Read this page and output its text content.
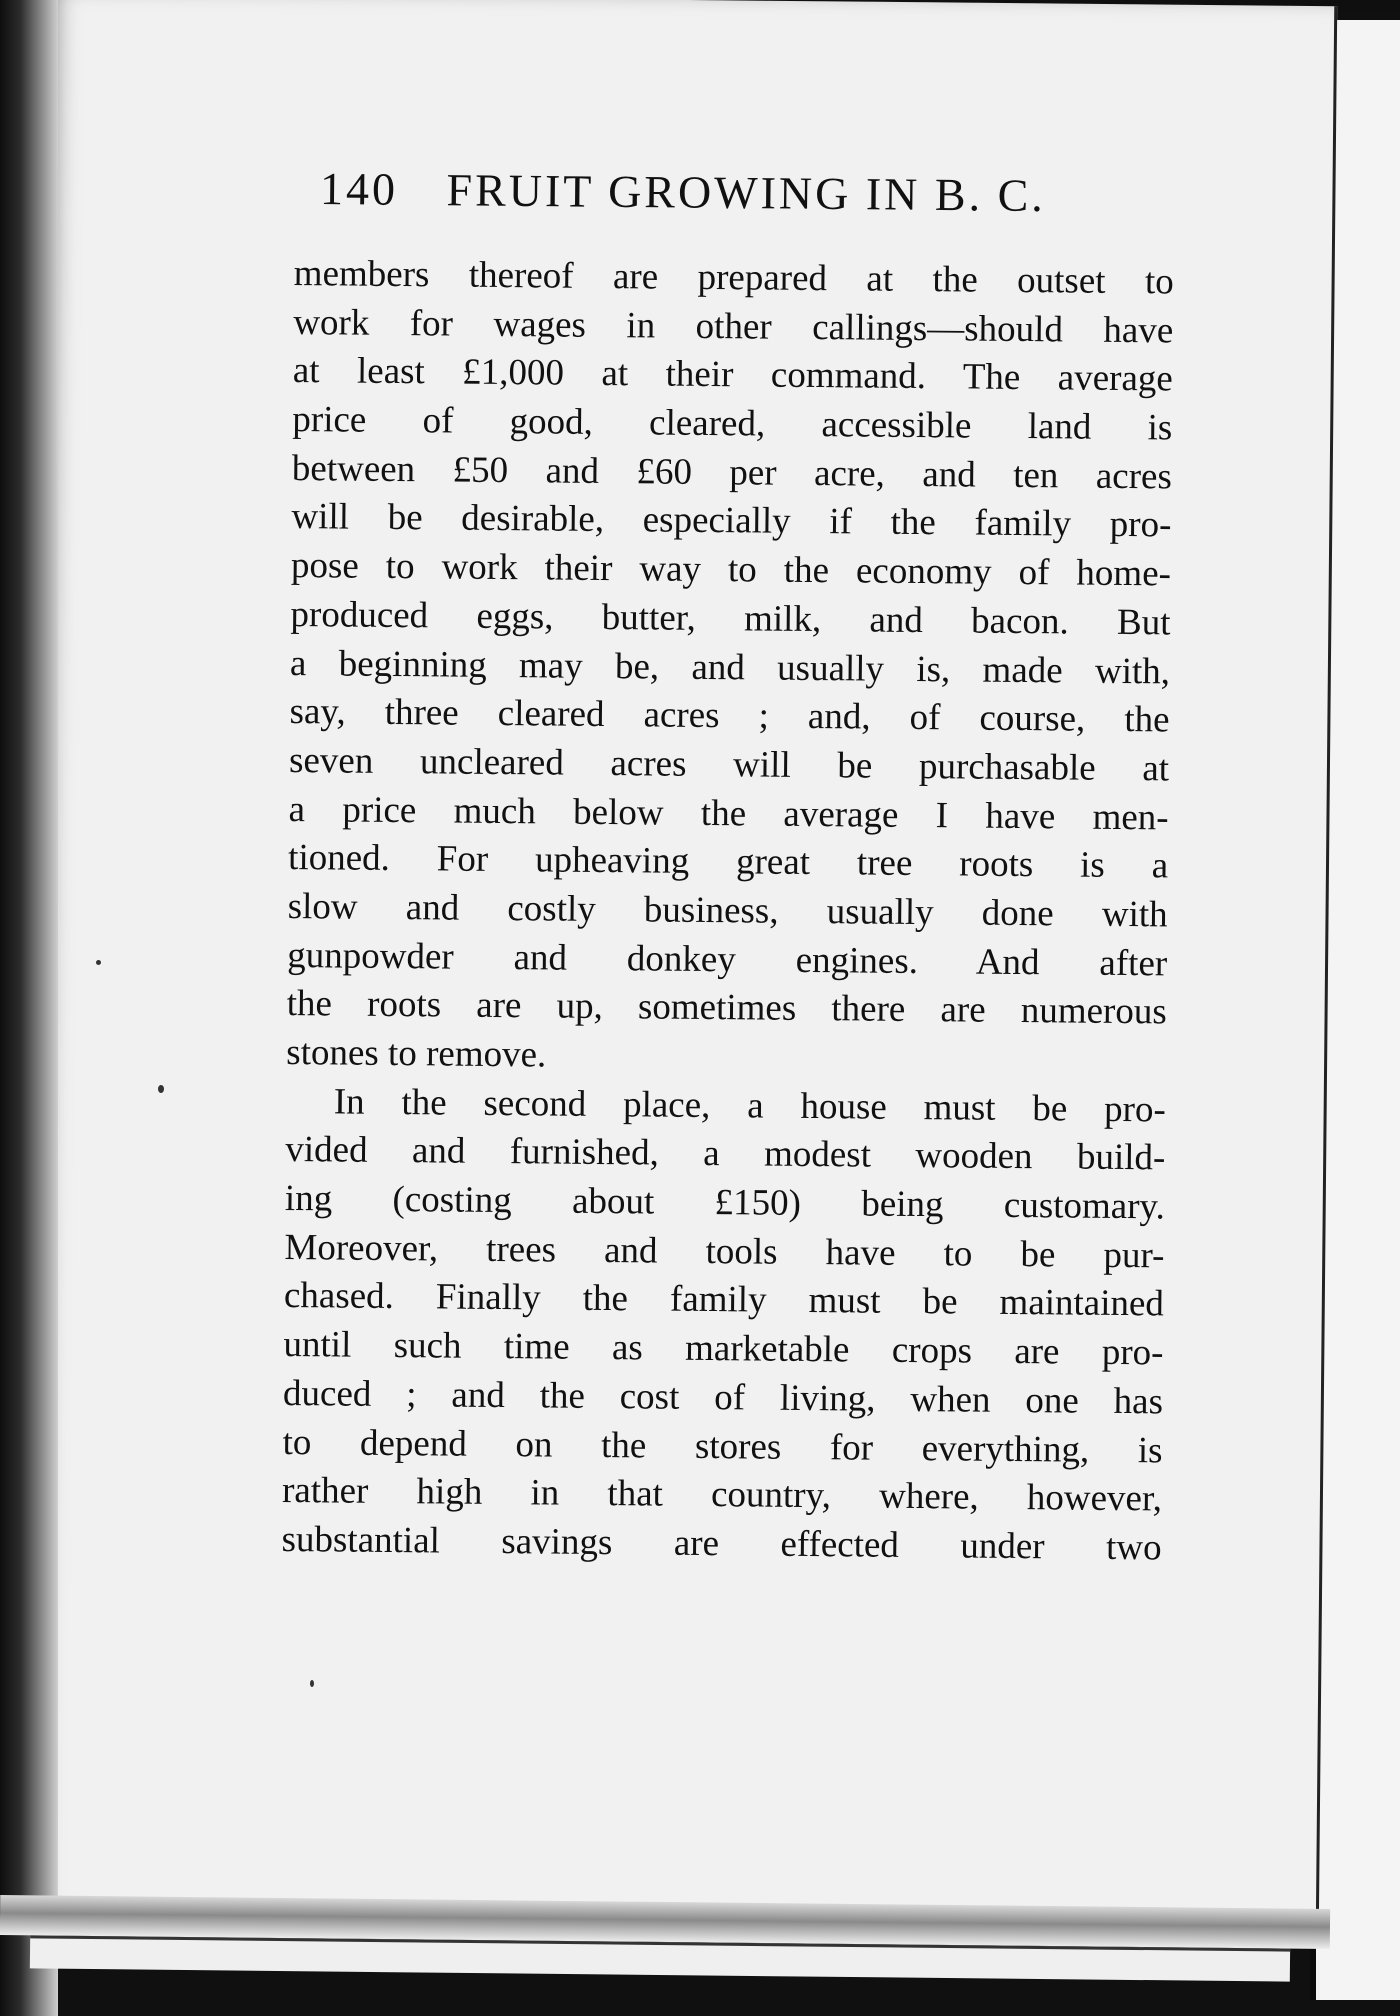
140 FRUIT GROWING IN B. C.
members thereof are prepared at the outset to
work for wages in other callings—should have
at least £1,000 at their command. The average
price of good, cleared, accessible land is
between £50 and £60 per acre, and ten acres
will be desirable, especially if the family pro-
pose to work their way to the economy of home-
produced eggs, butter, milk, and bacon. But
a beginning may be, and usually is, made with,
say, three cleared acres ; and, of course, the
seven uncleared acres will be purchasable at
a price much below the average I have men-
tioned. For upheaving great tree roots is a
slow and costly business, usually done with
gunpowder and donkey engines. And after
the roots are up, sometimes there are numerous
stones to remove.
In the second place, a house must be pro-
vided and furnished, a modest wooden build-
ing (costing about £150) being customary.
Moreover, trees and tools have to be pur-
chased. Finally the family must be maintained
until such time as marketable crops are pro-
duced ; and the cost of living, when one has
to depend on the stores for everything, is
rather high in that country, where, however,
substantial savings are effected under two
